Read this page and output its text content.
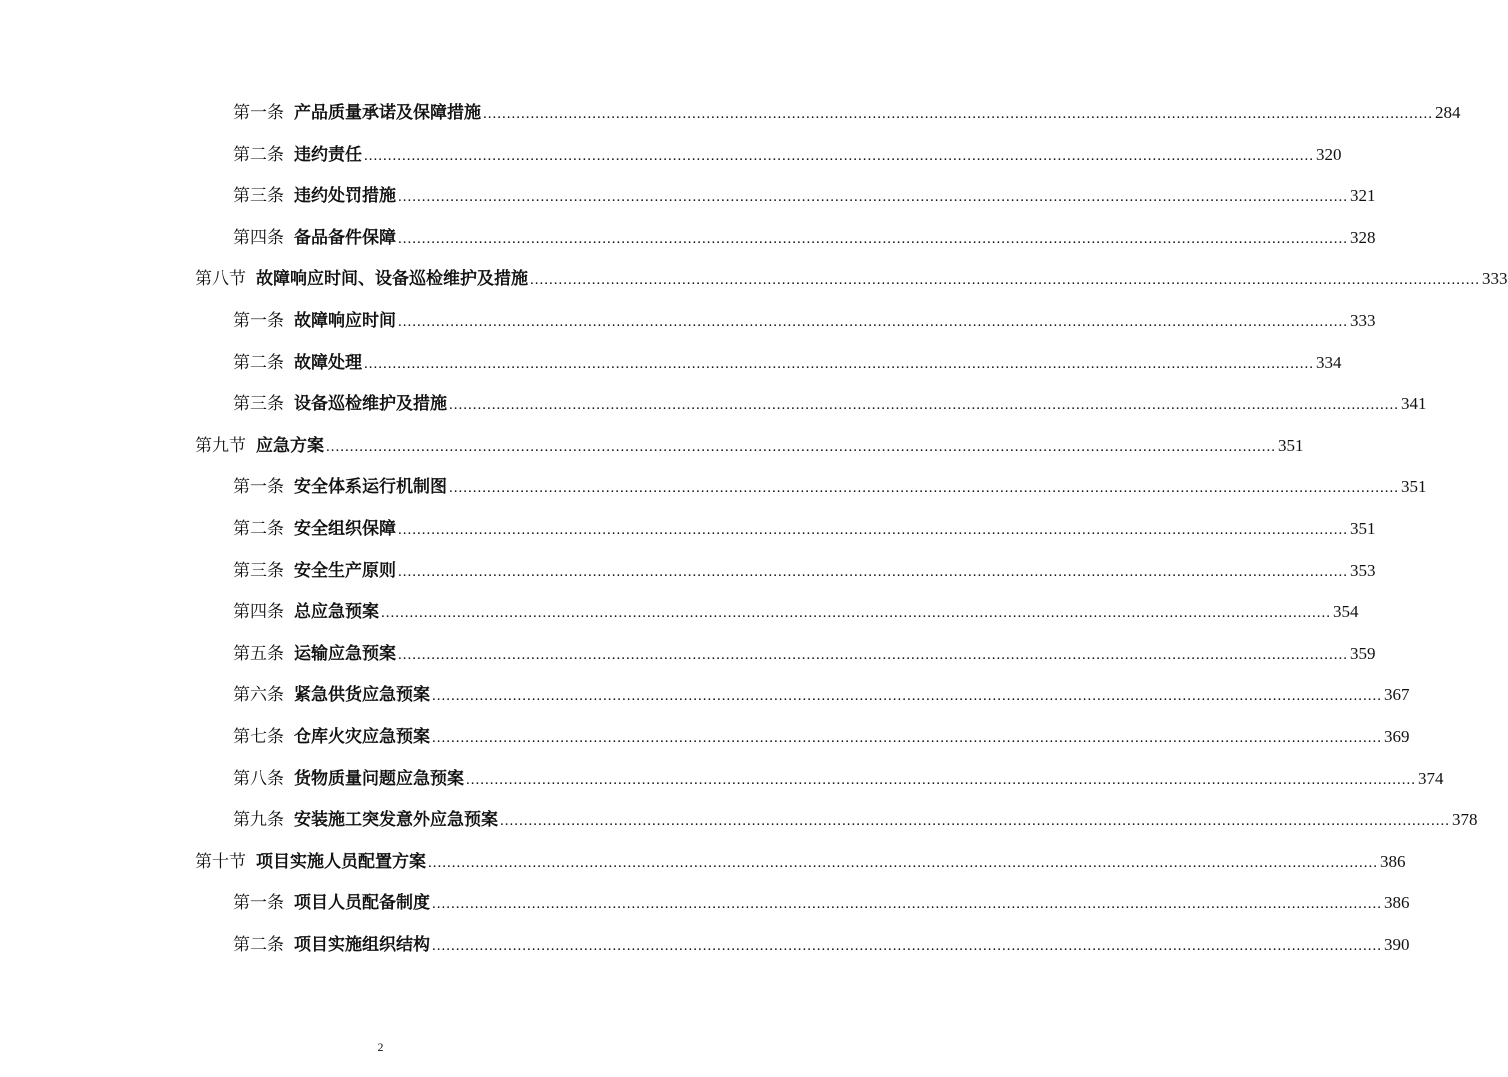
第一条 产品质量承诺及保障措施 ........................................................................................................................................................................................................ 284
第二条 违约责任 ........................................................................................................................................................................................................ 320
第三条 违约处罚措施 ........................................................................................................................................................................................................ 321
第四条 备品备件保障 ........................................................................................................................................................................................................ 328
第八节 故障响应时间、设备巡检维护及措施 ........................................................................................................................................................................................................ 333
第一条 故障响应时间 ........................................................................................................................................................................................................ 333
第二条 故障处理 ........................................................................................................................................................................................................ 334
第三条 设备巡检维护及措施 ........................................................................................................................................................................................................ 341
第九节 应急方案 ........................................................................................................................................................................................................ 351
第一条 安全体系运行机制图 ........................................................................................................................................................................................................ 351
第二条 安全组织保障 ........................................................................................................................................................................................................ 351
第三条 安全生产原则 ........................................................................................................................................................................................................ 353
第四条 总应急预案 ........................................................................................................................................................................................................ 354
第五条 运输应急预案 ........................................................................................................................................................................................................ 359
第六条 紧急供货应急预案 ........................................................................................................................................................................................................ 367
第七条 仓库火灾应急预案 ........................................................................................................................................................................................................ 369
第八条 货物质量问题应急预案 ........................................................................................................................................................................................................ 374
第九条 安装施工突发意外应急预案 ........................................................................................................................................................................................................ 378
第十节 项目实施人员配置方案 ........................................................................................................................................................................................................ 386
第一条 项目人员配备制度 ........................................................................................................................................................................................................ 386
第二条 项目实施组织结构 ........................................................................................................................................................................................................ 390
2
